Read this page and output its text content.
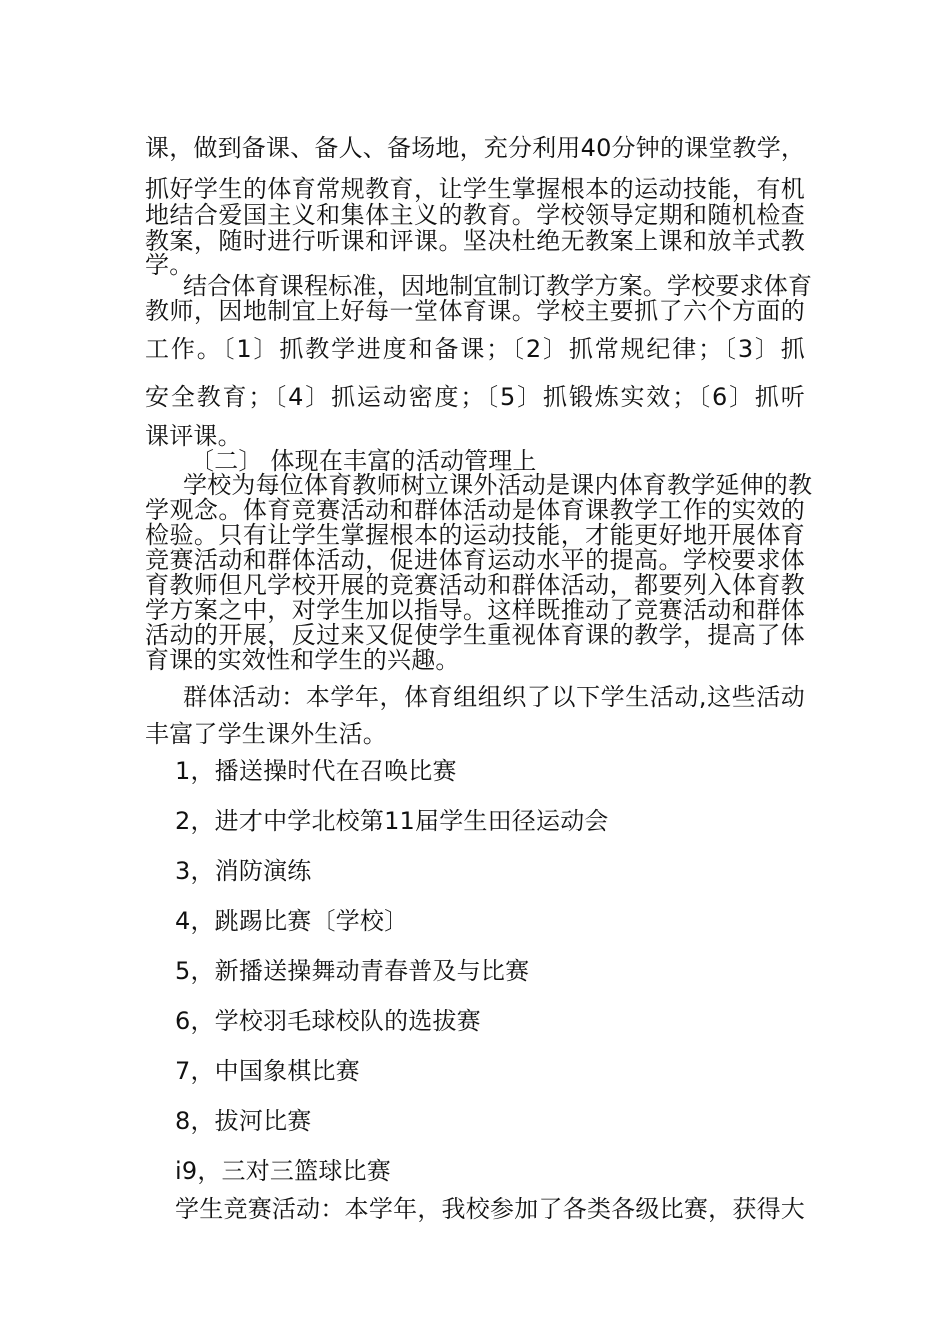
课，做到备课、备人、备场地，充分利用40分钟的课堂教学，
抓好学生的体育常规教育，让学生掌握根本的运动技能，有机
地结合爱国主义和集体主义的教育。学校领导定期和随机检查
教案，随时进行听课和评课。坚决杜绝无教案上课和放羊式教
学。
结合体育课程标准，因地制宜制订教学方案。学校要求体育
教师，因地制宜上好每一堂体育课。学校主要抓了六个方面的
工作。〔1〕抓教学进度和备课；〔2〕抓常规纪律；〔3〕抓
安全教育；〔4〕抓运动密度；〔5〕抓锻炼实效；〔6〕抓听
课评课。
〔二〕 体现在丰富的活动管理上
学校为每位体育教师树立课外活动是课内体育教学延伸的教
学观念。体育竞赛活动和群体活动是体育课教学工作的实效的
检验。只有让学生掌握根本的运动技能，才能更好地开展体育
竞赛活动和群体活动，促进体育运动水平的提高。学校要求体
育教师但凡学校开展的竞赛活动和群体活动，都要列入体育教
学方案之中，对学生加以指导。这样既推动了竞赛活动和群体
活动的开展，反过来又促使学生重视体育课的教学，提高了体
育课的实效性和学生的兴趣。
群体活动：本学年，体育组组织了以下学生活动,这些活动
丰富了学生课外生活。
1，播送操时代在召唤比赛
2，进才中学北校第11届学生田径运动会
3，消防演练
4，跳踢比赛〔学校〕
5，新播送操舞动青春普及与比赛
6，学校羽毛球校队的选拔赛
7，中国象棋比赛
8，拔河比赛
i9，三对三篮球比赛
学生竞赛活动：本学年，我校参加了各类各级比赛，获得大
